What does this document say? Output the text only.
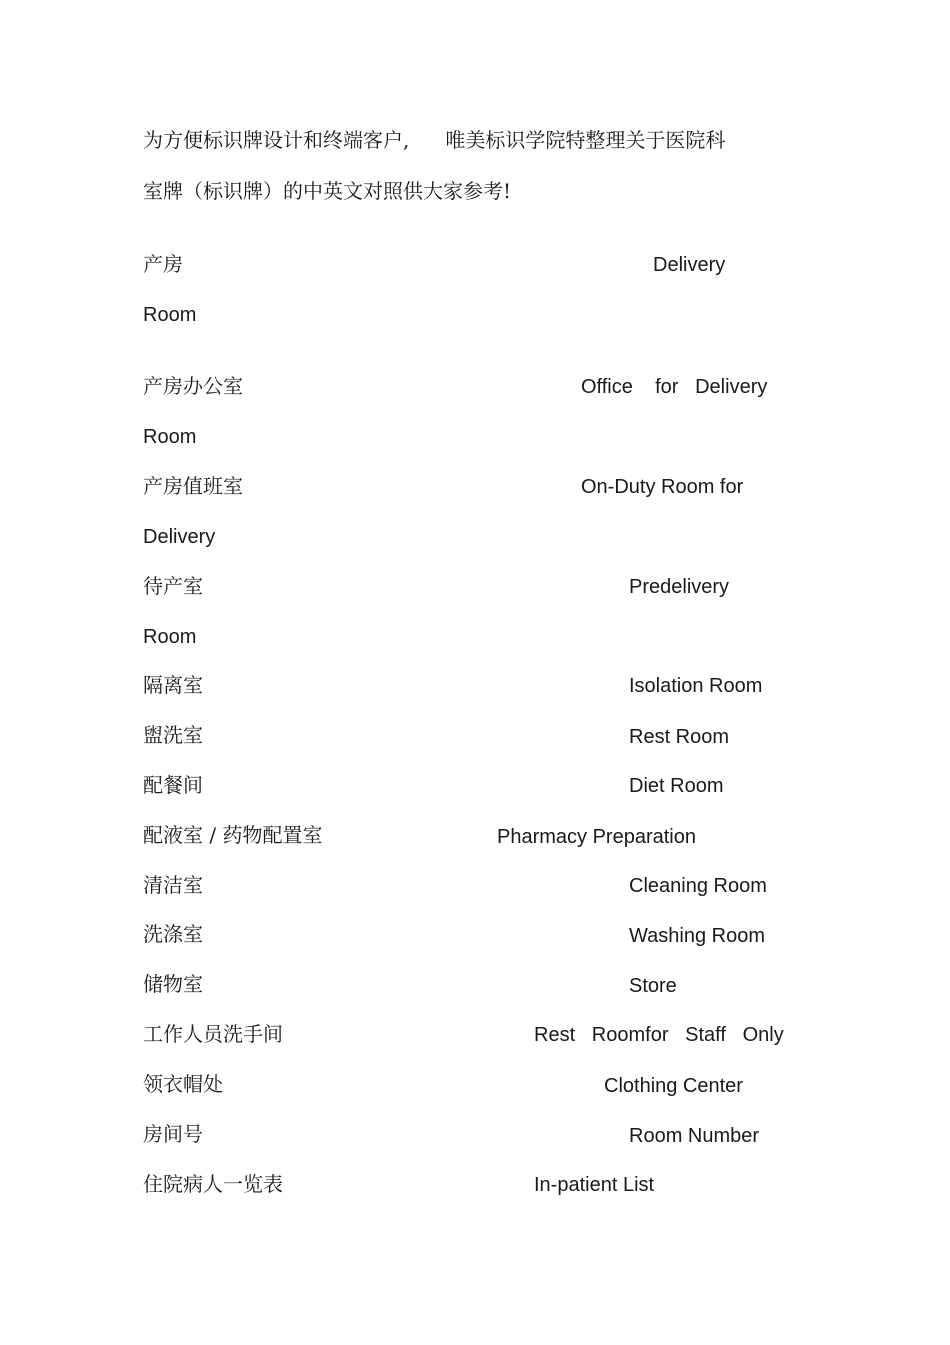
为方便标识牌设计和终端客户, 唯美标识学院特整理关于医院科
室牌（标识牌）的中英文对照供大家参考!
产房	Delivery
Room
产房办公室	Office    for   Delivery
Room
产房值班室	On-Duty Room for
Delivery
待产室	Predelivery
Room
隔离室	Isolation Room
盥洗室	Rest Room
配餐间	Diet Room
配液室 / 药物配置室	Pharmacy Preparation
清洁室	Cleaning Room
洗涤室	Washing Room
储物室	Store
工作人员洗手间	Rest   Roomfor   Staff   Only
领衣帽处	Clothing Center
房间号	Room Number
住院病人一览表	In-patient List
